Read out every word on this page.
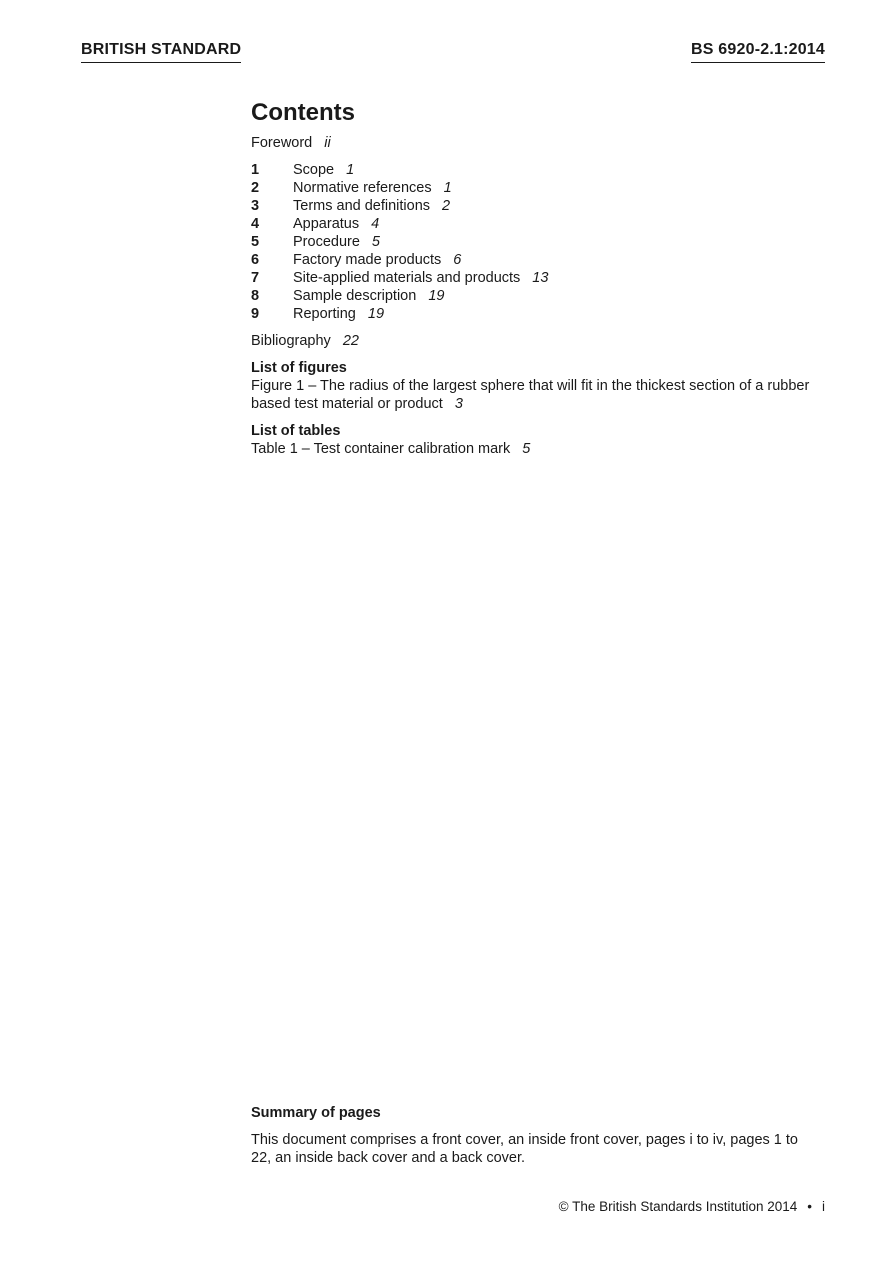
BRITISH STANDARD	BS 6920-2.1:2014
Contents
Foreword ii
1	Scope 1
2	Normative references 1
3	Terms and definitions 2
4	Apparatus 4
5	Procedure 5
6	Factory made products 6
7	Site-applied materials and products 13
8	Sample description 19
9	Reporting 19
Bibliography 22
List of figures
Figure 1 – The radius of the largest sphere that will fit in the thickest section of a rubber based test material or product 3
List of tables
Table 1 – Test container calibration mark 5
Summary of pages
This document comprises a front cover, an inside front cover, pages i to iv, pages 1 to 22, an inside back cover and a back cover.
© The British Standards Institution 2014 • i
